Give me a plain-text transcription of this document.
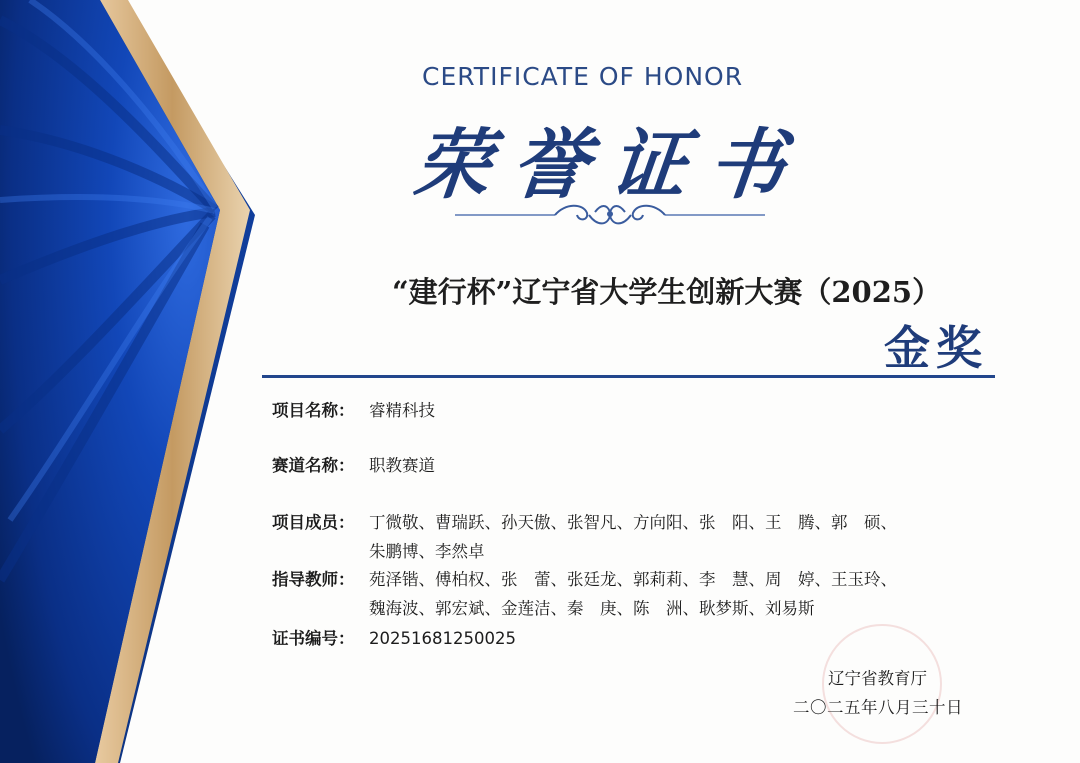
CERTIFICATE OF HONOR
荣誉证书
“建行杯”辽宁省大学生创新大赛（2025）
金奖
项目名称： 睿精科技
赛道名称： 职教赛道
项目成员： 丁微敬、曹瑞跃、孙天傲、张智凡、方向阳、张　阳、王　腾、郭　硕、
朱鹏博、李然卓
指导教师： 苑泽锴、傅柏权、张　蕾、张廷龙、郭莉莉、李　慧、周　婷、王玉玲、
魏海波、郭宏斌、金莲洁、秦　庚、陈　洲、耿梦斯、刘易斯
证书编号： 20251681250025
辽宁省教育厅
二〇二五年八月三十日
